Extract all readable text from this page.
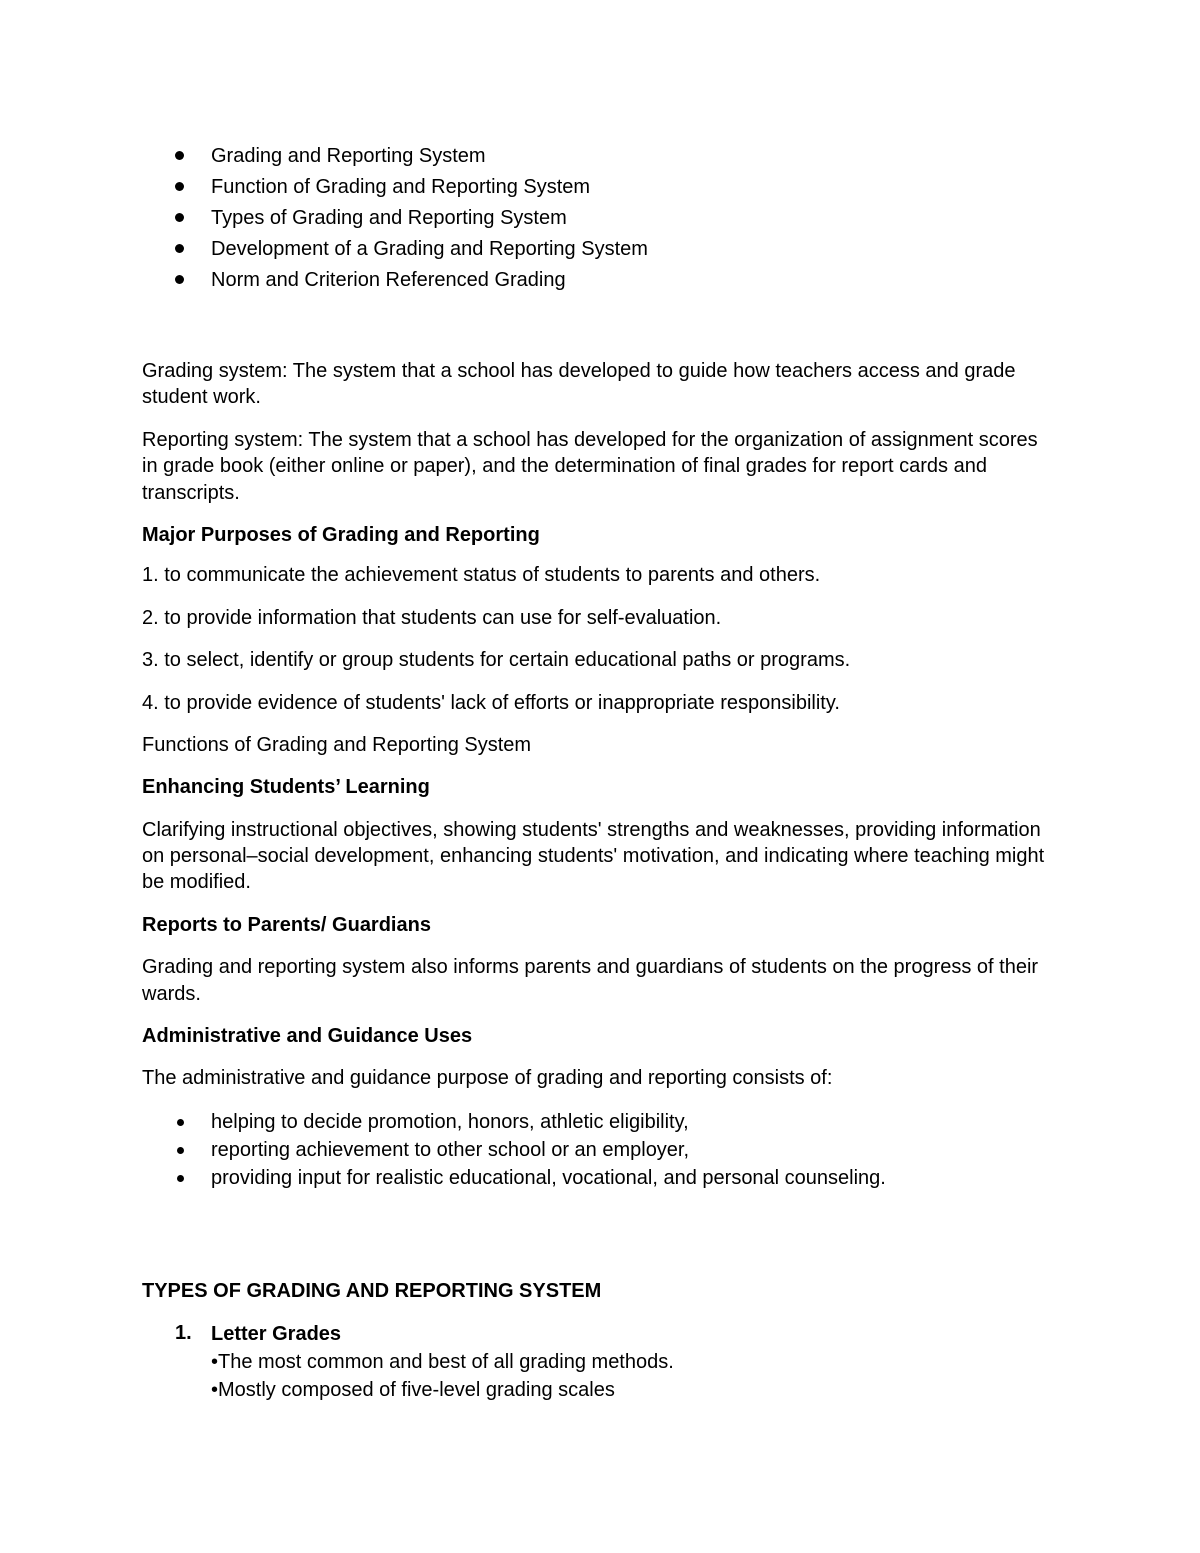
Grading and Reporting System
Function of Grading and Reporting System
Types of Grading and Reporting System
Development of a Grading and Reporting System
Norm and Criterion Referenced Grading

Grading system: The system that a school has developed to guide how teachers access and grade student work.

Reporting system: The system that a school has developed for the organization of assignment scores in grade book (either online or paper), and the determination of final grades for report cards and transcripts.

Major Purposes of Grading and Reporting

1. to communicate the achievement status of students to parents and others.

2. to provide information that students can use for self-evaluation.

3. to select, identify or group students for certain educational paths or programs.

4. to provide evidence of students' lack of efforts or inappropriate responsibility.

Functions of Grading and Reporting System

Enhancing Students’ Learning

Clarifying instructional objectives, showing students' strengths and weaknesses, providing information on personal–social development, enhancing students' motivation, and indicating where teaching might be modified.

Reports to Parents/ Guardians

Grading and reporting system also informs parents and guardians of students on the progress of their wards.

Administrative and Guidance Uses

The administrative and guidance purpose of grading and reporting consists of:

helping to decide promotion, honors, athletic eligibility,
reporting achievement to other school or an employer,
providing input for realistic educational, vocational, and personal counseling.

TYPES OF GRADING AND REPORTING SYSTEM

1. Letter Grades
•The most common and best of all grading methods.
•Mostly composed of five-level grading scales
